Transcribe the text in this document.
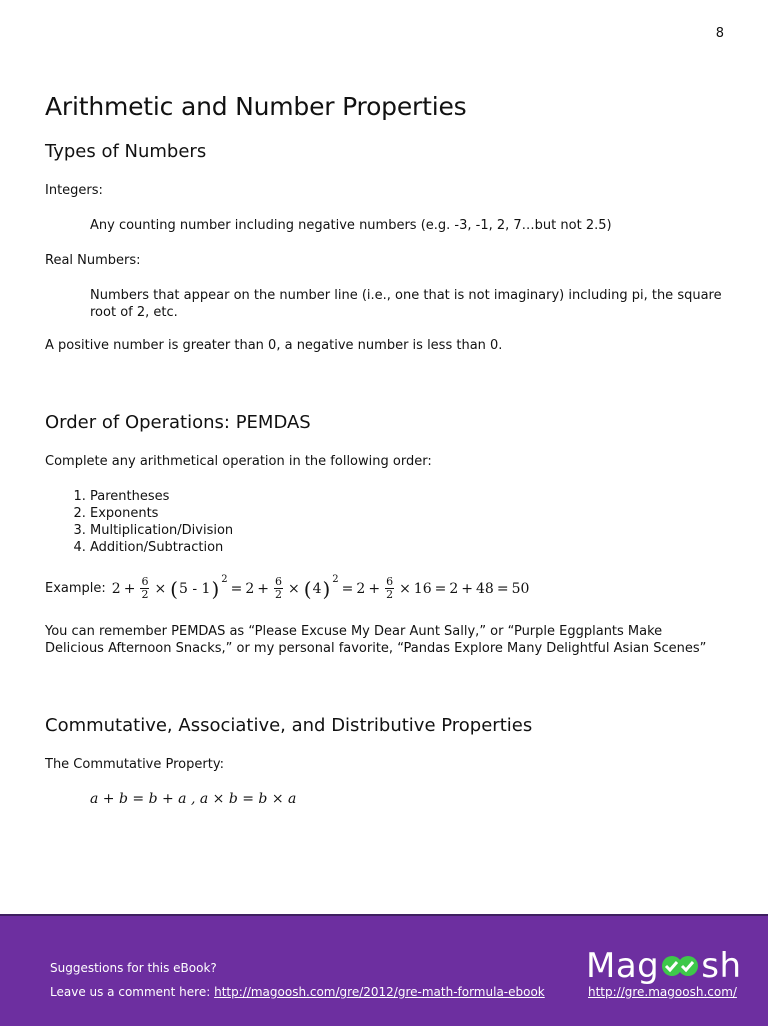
8
Arithmetic and Number Properties
Types of Numbers

Integers:

Any counting number including negative numbers (e.g. -3, -1, 2, 7…but not 2.5)

Real Numbers:

Numbers that appear on the number line (i.e., one that is not imaginary) including pi, the square root of 2, etc.

A positive number is greater than 0, a negative number is less than 0.

Order of Operations: PEMDAS

Complete any arithmetical operation in the following order:

1. Parentheses
2. Exponents
3. Multiplication/Division
4. Addition/Subtraction
Example: $2 + \frac{6}{2}$ × ( 5 - 1 ) 2
= $2 + \frac{6}{2}$ × ( 4 ) 2
= $2 + \frac{6}{2} \times 16 = 2 + 48 = 50$

You can remember PEMDAS as “Please Excuse My Dear Aunt Sally,” or “Purple Eggplants Make Delicious Afternoon Snacks,” or my personal favorite, “Pandas Explore Many Delightful Asian Scenes”

Commutative, Associative, and Distributive Properties

The Commutative Property:

a + b = b + a , a × b = b × a
Suggestions for this eBook?
Leave us a comment here: http://magoosh.com/gre/2012/gre-math-formula-ebook
Mag sh
http://gre.magoosh.com/
